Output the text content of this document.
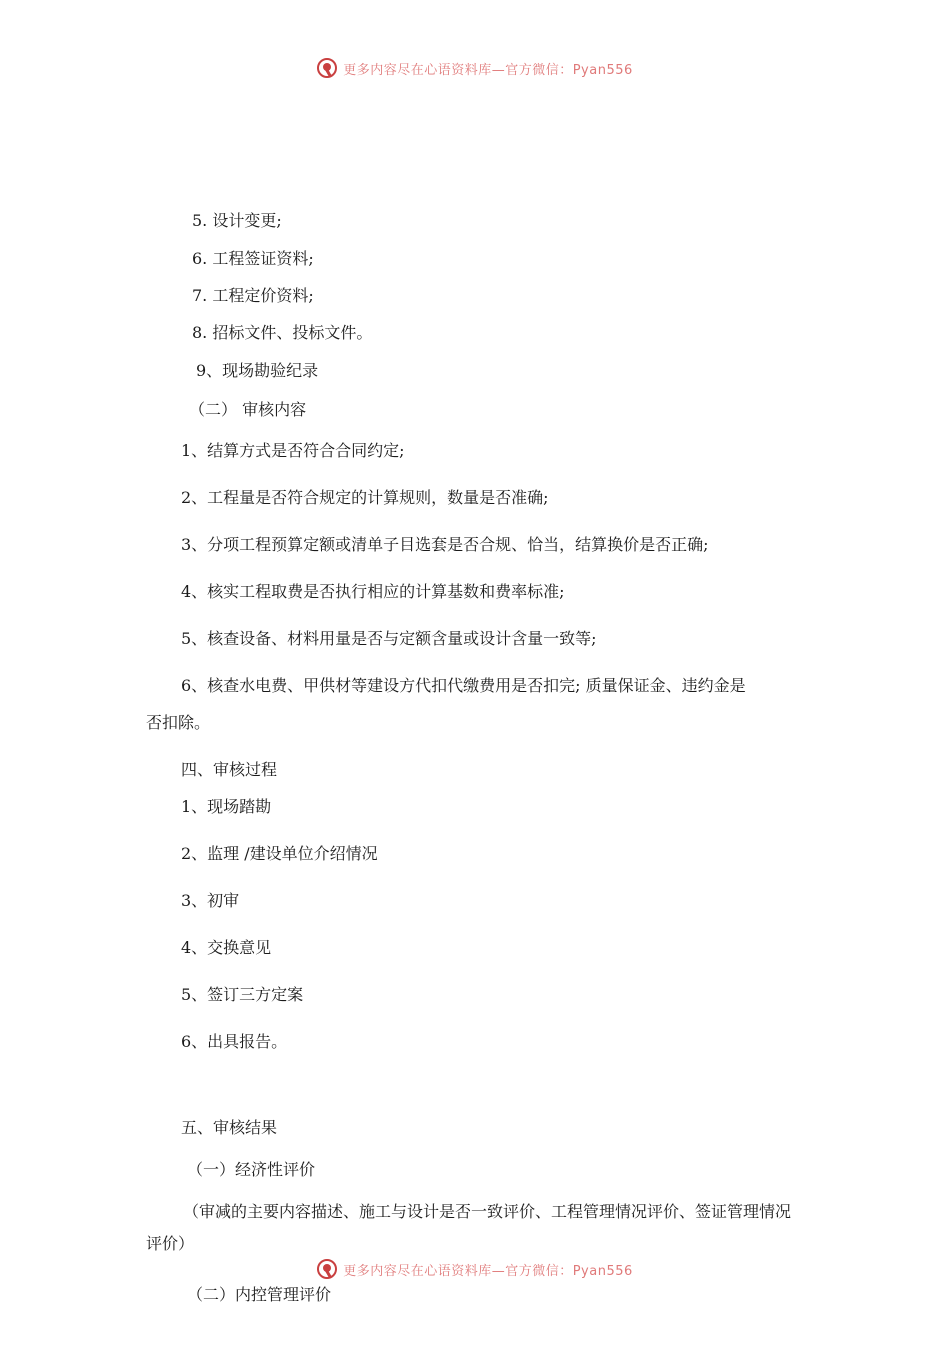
更多内容尽在心语资料库—官方微信：Pyan556
5. 设计变更;
6. 工程签证资料;
7. 工程定价资料;
8. 招标文件、投标文件。
9、现场勘验纪录
（二） 审核内容
1、结算方式是否符合合同约定;
2、工程量是否符合规定的计算规则，数量是否准确;
3、分项工程预算定额或清单子目选套是否合规、恰当，结算换价是否正确;
4、核实工程取费是否执行相应的计算基数和费率标准;
5、核查设备、材料用量是否与定额含量或设计含量一致等;
6、核查水电费、甲供材等建设方代扣代缴费用是否扣完; 质量保证金、违约金是
否扣除。
四、审核过程
1、现场踏勘
2、监理 /建设单位介绍情况
3、初审
4、交换意见
5、签订三方定案
6、出具报告。
五、审核结果
（一）经济性评价
（审减的主要内容描述、施工与设计是否一致评价、工程管理情况评价、签证管理情况
评价）
更多内容尽在心语资料库—官方微信：Pyan556
（二）内控管理评价
